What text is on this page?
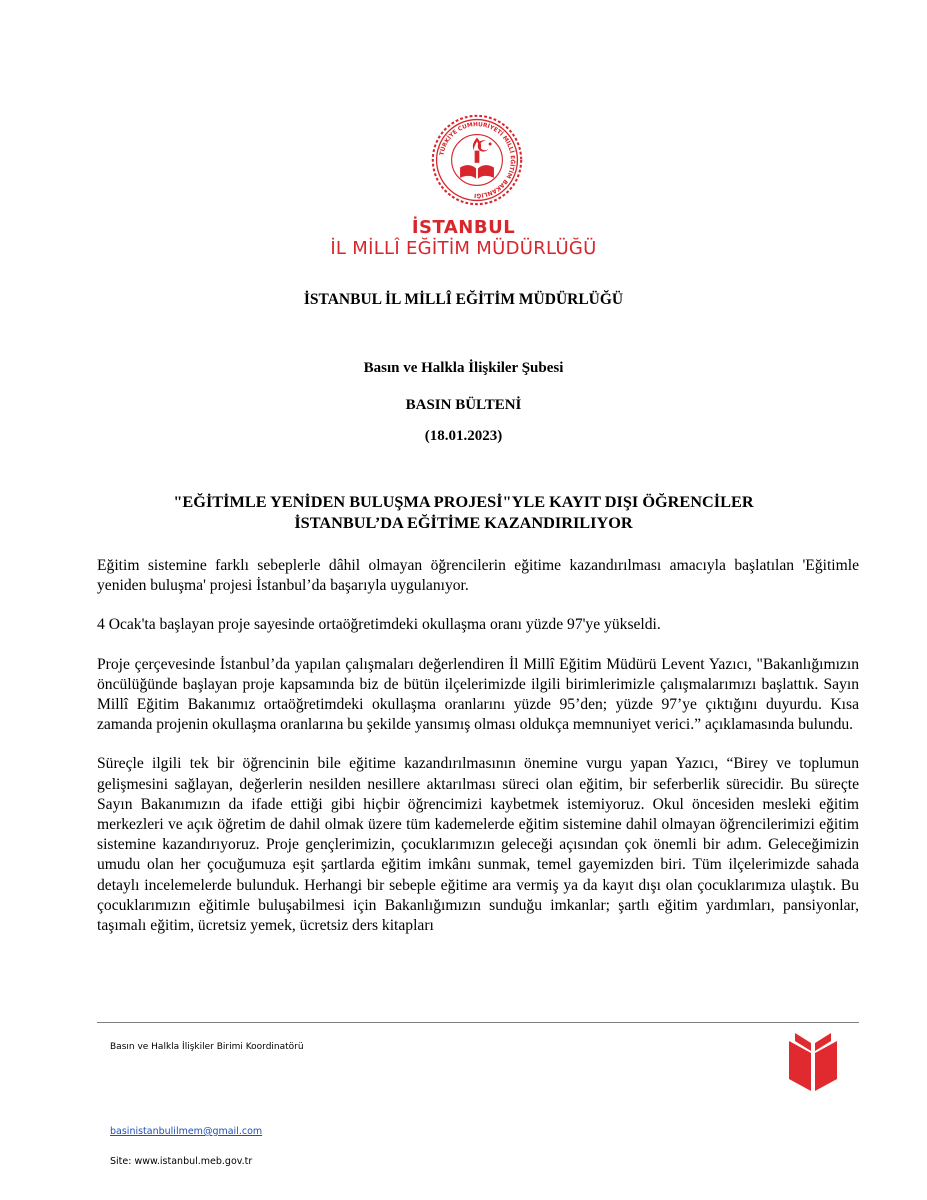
TÜRKİYE CUMHURİYETİ MİLLÎ EĞİTİM BAKANLIĞI
İSTANBUL
İL MİLLÎ EĞİTİM MÜDÜRLÜĞÜ
İSTANBUL İL MİLLÎ EĞİTİM MÜDÜRLÜĞÜ
Basın ve Halkla İlişkiler Şubesi
BASIN BÜLTENİ
(18.01.2023)
"EĞİTİMLE YENİDEN BULUŞMA PROJESİ"YLE KAYIT DIŞI ÖĞRENCİLER
İSTANBUL’DA EĞİTİME KAZANDIRILIYOR

Eğitim sistemine farklı sebeplerle dâhil olmayan öğrencilerin eğitime kazandırılması amacıyla başlatılan 'Eğitimle yeniden buluşma' projesi İstanbul’da başarıyla uygulanıyor.

4 Ocak'ta başlayan proje sayesinde ortaöğretimdeki okullaşma oranı yüzde 97'ye yükseldi.

Proje çerçevesinde İstanbul’da yapılan çalışmaları değerlendiren İl Millî Eğitim Müdürü Levent Yazıcı, "Bakanlığımızın öncülüğünde başlayan proje kapsamında biz de bütün ilçelerimizde ilgili birimlerimizle çalışmalarımızı başlattık. Sayın Millî Eğitim Bakanımız ortaöğretimdeki okullaşma oranlarını yüzde 95’den; yüzde 97’ye çıktığını duyurdu. Kısa zamanda projenin okullaşma oranlarına bu şekilde yansımış olması oldukça memnuniyet verici.” açıklamasında bulundu.

Süreçle ilgili tek bir öğrencinin bile eğitime kazandırılmasının önemine vurgu yapan Yazıcı, “Birey ve toplumun gelişmesini sağlayan, değerlerin nesilden nesillere aktarılması süreci olan eğitim, bir seferberlik sürecidir. Bu süreçte Sayın Bakanımızın da ifade ettiği gibi hiçbir öğrencimizi kaybetmek istemiyoruz. Okul öncesiden mesleki eğitim merkezleri ve açık öğretim de dahil olmak üzere tüm kademelerde eğitim sistemine dahil olmayan öğrencilerimizi eğitim sistemine kazandırıyoruz. Proje gençlerimizin, çocuklarımızın geleceği açısından çok önemli bir adım. Geleceğimizin umudu olan her çocuğumuza eşit şartlarda eğitim imkânı sunmak, temel gayemizden biri. Tüm ilçelerimizde sahada detaylı incelemelerde bulunduk. Herhangi bir sebeple eğitime ara vermiş ya da kayıt dışı olan çocuklarımıza ulaştık. Bu çocuklarımızın eğitimle buluşabilmesi için Bakanlığımızın sunduğu imkanlar; şartlı eğitim yardımları, pansiyonlar, taşımalı eğitim, ücretsiz yemek, ücretsiz ders kitapları

Basın ve Halkla İlişkiler Birimi Koordinatörü
basinistanbulilmem@gmail.com
Site: www.istanbul.meb.gov.tr
